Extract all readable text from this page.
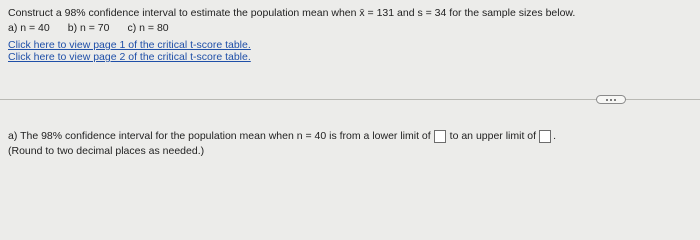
Construct a 98% confidence interval to estimate the population mean when x̄ = 131 and s = 34 for the sample sizes below.
a) n = 40 b) n = 70 c) n = 80
Click here to view page 1 of the critical t-score table.
Click here to view page 2 of the critical t-score table.
a) The 98% confidence interval for the population mean when n = 40 is from a lower limit of to an upper limit of .
(Round to two decimal places as needed.)
